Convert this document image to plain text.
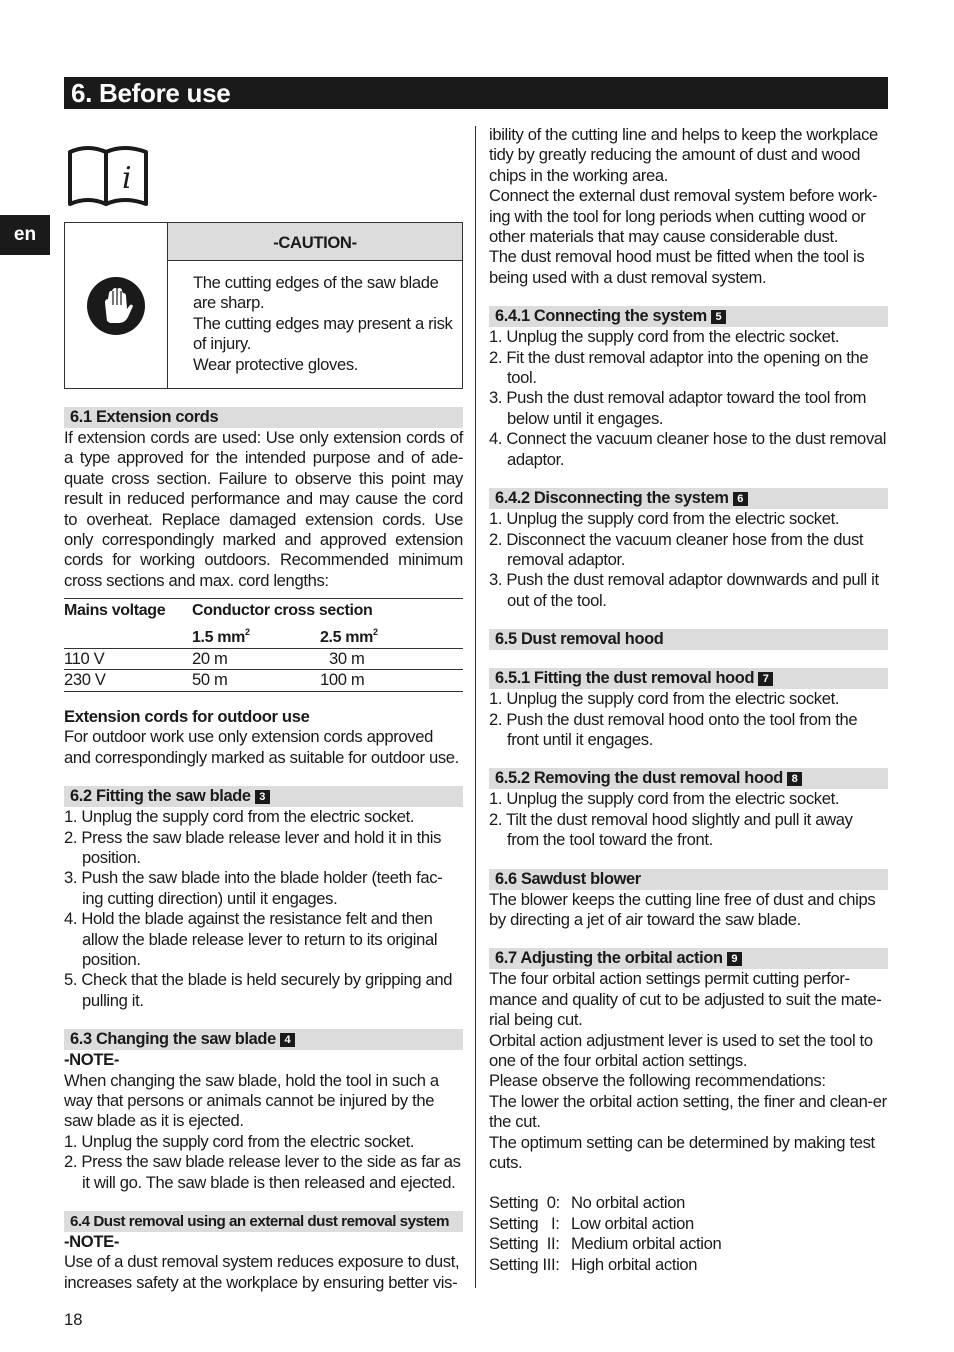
6. Before use
en
i
-CAUTION-

The cutting edges of the saw blade are sharp.

The cutting edges may present a risk of injury.

Wear protective gloves.

6.1 Extension cords

If extension cords are used: Use only extension cords of a type approved for the intended purpose and of ade-quate cross section. Failure to observe this point may result in reduced performance and may cause the cord to overheat. Replace damaged extension cords. Use only correspondingly marked and approved extension cords for working outdoors. Recommended minimum cross sections and max. cord lengths:

Mains voltage	Conductor cross section	
	1.5 $mm^2$	2.5 $mm^2$
110 V	20 m	30 m
230 V	50 m	100 m

Extension cords for outdoor use

For outdoor work use only extension cords approved and correspondingly marked as suitable for outdoor use.

6.2 Fitting the saw blade 3
1. Unplug the supply cord from the electric socket.
2. Press the saw blade release lever and hold it in this position.
3. Push the saw blade into the blade holder (teeth fac-ing cutting direction) until it engages.
4. Hold the blade against the resistance felt and then allow the blade release lever to return to its original position.
5. Check that the blade is held securely by gripping and pulling it.
6.3 Changing the saw blade 4

-NOTE-

When changing the saw blade, hold the tool in such a way that persons or animals cannot be injured by the saw blade as it is ejected.

1. Unplug the supply cord from the electric socket.
2. Press the saw blade release lever to the side as far as it will go. The saw blade is then released and ejected.
6.4 Dust removal using an external dust removal system

-NOTE-

Use of a dust removal system reduces exposure to dust, increases safety at the workplace by ensuring better vis-

ibility of the cutting line and helps to keep the workplace tidy by greatly reducing the amount of dust and wood chips in the working area.

Connect the external dust removal system before work-ing with the tool for long periods when cutting wood or other materials that may cause considerable dust.

The dust removal hood must be fitted when the tool is being used with a dust removal system.

6.4.1 Connecting the system 5
1. Unplug the supply cord from the electric socket.
2. Fit the dust removal adaptor into the opening on the tool.
3. Push the dust removal adaptor toward the tool from below until it engages.
4. Connect the vacuum cleaner hose to the dust removal adaptor.
6.4.2 Disconnecting the system 6
1. Unplug the supply cord from the electric socket.
2. Disconnect the vacuum cleaner hose from the dust removal adaptor.
3. Push the dust removal adaptor downwards and pull it out of the tool.
6.5 Dust removal hood
6.5.1 Fitting the dust removal hood 7
1. Unplug the supply cord from the electric socket.
2. Push the dust removal hood onto the tool from the front until it engages.
6.5.2 Removing the dust removal hood 8
1. Unplug the supply cord from the electric socket.
2. Tilt the dust removal hood slightly and pull it away from the tool toward the front.
6.6 Sawdust blower

The blower keeps the cutting line free of dust and chips by directing a jet of air toward the saw blade.

6.7 Adjusting the orbital action 9

The four orbital action settings permit cutting perfor-mance and quality of cut to be adjusted to suit the mate-rial being cut.

Orbital action adjustment lever is used to set the tool to one of the four orbital action settings.

Please observe the following recommendations:

The lower the orbital action setting, the finer and clean-er the cut.

The optimum setting can be determined by making test cuts.

Setting  0: No orbital action
Setting   I: Low orbital action
Setting  II: Medium orbital action
Setting III: High orbital action
18
